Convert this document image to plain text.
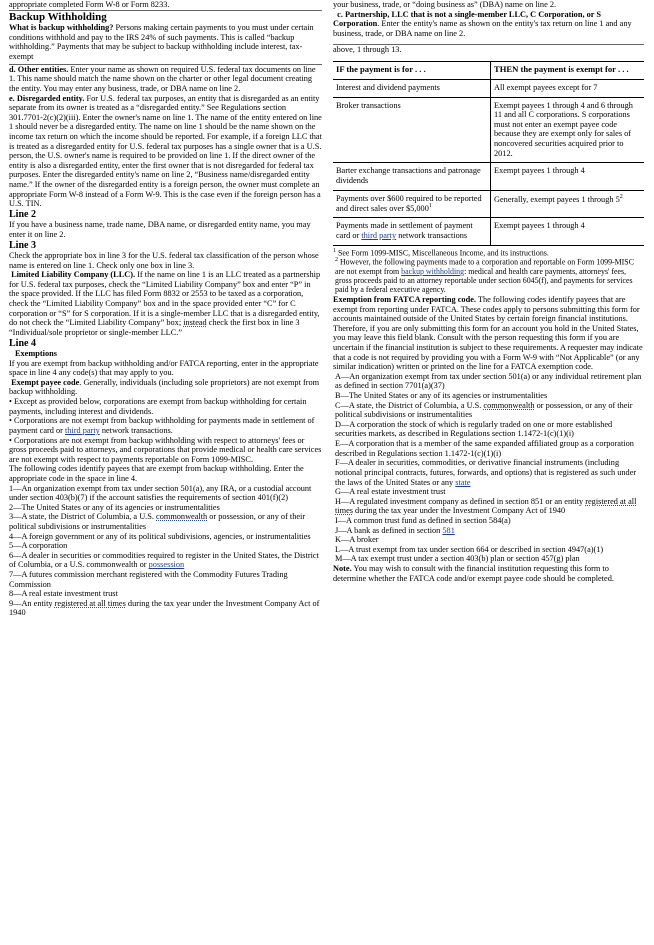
appropriate completed Form W-8 or Form 8233.

Backup Withholding

What is backup withholding? Persons making certain payments to you must under certain conditions withhold and pay to the IRS 24% of such payments. This is called “backup withholding.” Payments that may be subject to backup withholding include interest, tax-exempt

d. Other entities. Enter your name as shown on required U.S. federal tax documents on line 1. This name should match the name shown on the charter or other legal document creating the entity. You may enter any business, trade, or DBA name on line 2.

e. Disregarded entity. For U.S. federal tax purposes, an entity that is disregarded as an entity separate from its owner is treated as a “disregarded entity.” See Regulations section 301.7701-2(c)(2)(iii). Enter the owner's name on line 1. The name of the entity entered on line 1 should never be a disregarded entity. The name on line 1 should be the name shown on the income tax return on which the income should be reported. For example, if a foreign LLC that is treated as a disregarded entity for U.S. federal tax purposes has a single owner that is a U.S. person, the U.S. owner's name is required to be provided on line 1. If the direct owner of the entity is also a disregarded entity, enter the first owner that is not disregarded for federal tax purposes. Enter the disregarded entity's name on line 2, “Business name/disregarded entity name.” If the owner of the disregarded entity is a foreign person, the owner must complete an appropriate Form W-8 instead of a Form W-9. This is the case even if the foreign person has a U.S. TIN.

Line 2

If you have a business name, trade name, DBA name, or disregarded entity name, you may enter it on line 2.

Line 3

Check the appropriate box in line 3 for the U.S. federal tax classification of the person whose name is entered on line 1. Check only one box in line 3.

Limited Liability Company (LLC). If the name on line 1 is an LLC treated as a partnership for U.S. federal tax purposes, check the “Limited Liability Company” box and enter “P” in the space provided. If the LLC has filed Form 8832 or 2553 to be taxed as a corporation, check the “Limited Liability Company” box and in the space provided enter “C” for C corporation or “S” for S corporation. If it is a single-member LLC that is a disregarded entity, do not check the “Limited Liability Company” box; instead check the first box in line 3 “Individual/sole proprietor or single-member LLC.”

Line 4

Exemptions

If you are exempt from backup withholding and/or FATCA reporting, enter in the appropriate space in line 4 any code(s) that may apply to you.

Exempt payee code. Generally, individuals (including sole proprietors) are not exempt from backup withholding.

• Except as provided below, corporations are exempt from backup withholding for certain payments, including interest and dividends.

• Corporations are not exempt from backup withholding for payments made in settlement of payment card or third party network transactions.

• Corporations are not exempt from backup withholding with respect to attorneys' fees or gross proceeds paid to attorneys, and corporations that provide medical or health care services are not exempt with respect to payments reportable on Form 1099-MISC.

The following codes identify payees that are exempt from backup withholding. Enter the appropriate code in the space in line 4.

1—An organization exempt from tax under section 501(a), any IRA, or a custodial account under section 403(b)(7) if the account satisfies the requirements of section 401(f)(2)

2—The United States or any of its agencies or instrumentalities

3—A state, the District of Columbia, a U.S. commonwealth or possession, or any of their political subdivisions or instrumentalities

4—A foreign government or any of its political subdivisions, agencies, or instrumentalities

5—A corporation

6—A dealer in securities or commodities required to register in the United States, the District of Columbia, or a U.S. commonwealth or possession

7—A futures commission merchant registered with the Commodity Futures Trading Commission

8—A real estate investment trust

9—An entity registered at all times during the tax year under the Investment Company Act of 1940

your business, trade, or “doing business as” (DBA) name on line 2.

c. Partnership, LLC that is not a single-member LLC, C Corporation, or S Corporation. Enter the entity's name as shown on the entity's tax return on line 1 and any business, trade, or DBA name on line 2.

above, 1 through 13.

IF the payment is for . . .	THEN the payment is exempt for . . .
Interest and dividend payments	All exempt payees except for 7
Broker transactions	Exempt payees 1 through 4 and 6 through 11 and all C corporations. S corporations must not enter an exempt payee code because they are exempt only for sales of noncovered securities acquired prior to 2012.
Barter exchange transactions and patronage dividends	Exempt payees 1 through 4
Payments over $600 required to be reported and direct sales over $5,000$^1$	Generally, exempt payees 1 through $5^2$
Payments made in settlement of payment card or third party network transactions	Exempt payees 1 through 4

$^1$ See Form 1099-MISC, Miscellaneous Income, and its instructions.

$^2$ However, the following payments made to a corporation and reportable on Form 1099-MISC are not exempt from backup withholding: medical and health care payments, attorneys' fees, gross proceeds paid to an attorney reportable under section 6045(f), and payments for services paid by a federal executive agency.

Exemption from FATCA reporting code. The following codes identify payees that are exempt from reporting under FATCA. These codes apply to persons submitting this form for accounts maintained outside of the United States by certain foreign financial institutions. Therefore, if you are only submitting this form for an account you hold in the United States, you may leave this field blank. Consult with the person requesting this form if you are uncertain if the financial institution is subject to these requirements. A requester may indicate that a code is not required by providing you with a Form W-9 with “Not Applicable” (or any similar indication) written or printed on the line for a FATCA exemption code.

A—An organization exempt from tax under section 501(a) or any individual retirement plan as defined in section 7701(a)(37)

B—The United States or any of its agencies or instrumentalities

C—A state, the District of Columbia, a U.S. commonwealth or possession, or any of their political subdivisions or instrumentalities

D—A corporation the stock of which is regularly traded on one or more established securities markets, as described in Regulations section 1.1472-1(c)(1)(i)

E—A corporation that is a member of the same expanded affiliated group as a corporation described in Regulations section 1.1472-1(c)(1)(i)

F—A dealer in securities, commodities, or derivative financial instruments (including notional principal contracts, futures, forwards, and options) that is registered as such under the laws of the United States or any state

G—A real estate investment trust

H—A regulated investment company as defined in section 851 or an entity registered at all times during the tax year under the Investment Company Act of 1940

I—A common trust fund as defined in section 584(a)

J—A bank as defined in section 581

K—A broker

L—A trust exempt from tax under section 664 or described in section 4947(a)(1)

M—A tax exempt trust under a section 403(b) plan or section 457(g) plan

Note. You may wish to consult with the financial institution requesting this form to determine whether the FATCA code and/or exempt payee code should be completed.
